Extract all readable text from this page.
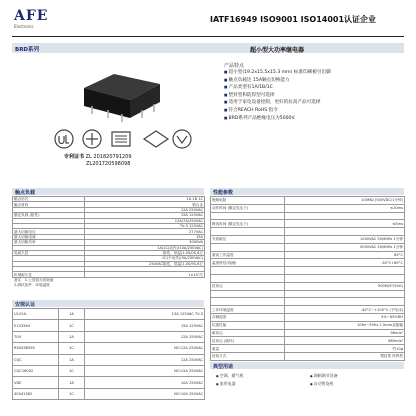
AFE
Electronic
IATF16949 ISO9001 ISO14001认证企业
BRD系列	超小型大功率继电器
专利证书 ZL 201820791209
ZL201720598098
产品特点
■ 超小型(19.2x15.5x15.3 mm) 标准印刷板引出脚
■ 触点负载达 15A触点切换能力
■ 产品类型有1A/1B/1C
■ 塑封型和防焊型可选择
■ 适用于家电设备控制，更好的抗高产品可选择
■ 符合REACH RoHS 指令
■ BRD系列产品绝缘电压为5000V
触点负载
触点形式	1A 1B 1C
触点材料	银合金
	12A 250VAC
额定负载 (阻性)	15A 125VAC
	12A/7A/250VAC
	TV-5 125VAC
最大切换电压	277VAC
最大切换电流	15A
最大切换功率	3000VA
	1A/1C(动作)(10A/250VAC)
电耐久性	阻性，常温/1.0S/0S,6万
	1C(不动作)(5A/250VAC)
	250VAC阻性，常温/1.0S/9S,6万

机械耐久性	1×10⁷次
备注：1.上述值为初始值
2.测试条件：环境温度
安规认证
UL/CUL	1A	15A 125VAC TV-5
E133284	1C	15A 125VAC
TUV	1A	12A 250VAC
R50436595	1C	NO:12A 250VAC
CQC	1A	12A 250VAC
CQC16002	1C	NO:12A 250VAC
VDE	1A	10A 250VAC
40041362	1C	NO:10A 250VAC
性能参数
绝缘电阻	100MΩ (500VDC/1分钟)
动作时间 (额定电压下)	≤10ms

释放时间 (额定电压下)	≤5ms

介质耐压	1000VAC 50/60Hz 1分钟
	5000VAC 50/60Hz 1分钟
最高工作温度	85°C
温度特性(线圈)	-30°C+85°C

抗冲击	500M/S²(50G)

工作环境温度	-40°C~+105°C (不结冰)
存储湿度	5%~85%RH
抗振性能	10Hz~55Hz 1.5mm双振幅
耐冲击	98m/s²
抗冲击 (破坏)	980m/s²
重量	约10g
封装方式	塑封型 防焊型
典型用途
● 空调、暖气机
● 家用电器
● 调制调节设备
● 自动售货机
